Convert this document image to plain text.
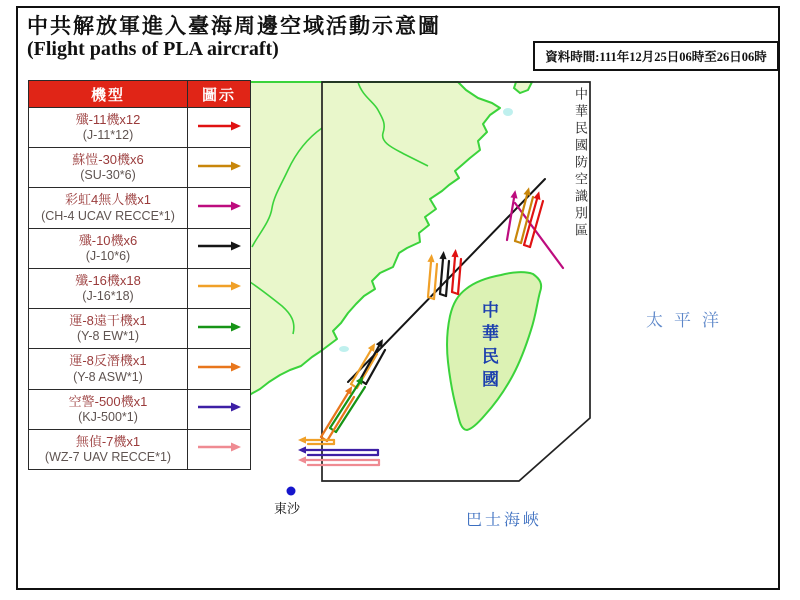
中共解放軍進入臺海周邊空域活動示意圖
(Flight paths of PLA aircraft)	資料時間:111年12月25日06時至26日06時
機型	圖示

殲-11機x12
(J-11*12)

蘇愷-30機x6
(SU-30*6)

彩虹4無人機x1
(CH-4 UCAV RECCE*1)

殲-10機x6
(J-10*6)

殲-16機x18
(J-16*18)

運-8遠干機x1
(Y-8 EW*1)

運-8反潛機x1
(Y-8 ASW*1)

空警-500機x1
(KJ-500*1)

無偵-7機x1
(WZ-7 UAV RECCE*1)

中華民國防空識別區
中華民國	太平洋
巴士海峽
東沙
